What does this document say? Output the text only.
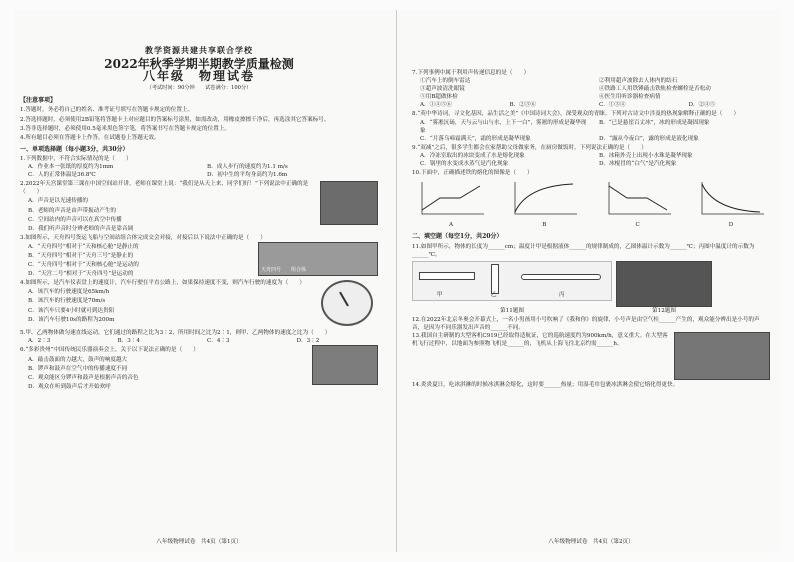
教学资源共建共享联合学校
2022年秋季学期半期教学质量检测
八年级　物理试卷
（考试时间：90分钟　　试卷满分：100分）
【注意事项】
1.答题时，务必将自己的姓名、准考证号填写在答题卡规定的位置上。
2.答选择题时，必须使用2B铅笔将答题卡上对应题目的答案标号涂黑，如需改动，用橡皮擦擦干净后，再选涂其它答案标号。
3.答非选择题时，必须使用0.5毫米黑色签字笔，将答案书写在答题卡规定的位置上。
4.所有题目必须在答题卡上作答，在试题卷上答题无效。
一、单项选择题（每小题3分，共30分）
1.下列数据中，不符合实际情况的是（　　）
A．作业本一张纸的厚度约为1mm	B．成人步行的速度约为1.1 m/s
C．人的正常体温是36.8℃	D．初中生的平均身高约为1.6m
2.2022年天宫课堂第三课在中国空间站开讲，老师在课堂上说：“我们是从天上来，同学们好！”下列说法中正确的是（　　）
A．声音是以光速传播的
B．老师的声音是由声带振动产生的
C．空间站内的声音可以在真空中传播
D．我们听声音时分辨老师的声音是靠音调
3.如图所示，天舟四号货运飞船与空间站组合体完成交会对接，对接后以下说法中正确的是（　　）
A．“天舟四号”相对于“天和核心舱”是静止的
B．“天舟四号”相对于“天舟三号”是静止的
C．“天舟四号”相对于“天和核心舱”是运动的
D．“天宫二号”相对于“天舟四号”是运动的
天舟四号　　组合体
4.如图所示，是汽车仪表盘上的速度计，汽车行驶在平直公路上，如果保持速度不变，则汽车行驶的速度为（　　）
A．该汽车的行驶速度是65km/h
B．该汽车的行驶速度是70m/s
C．该汽车只要4小时就可到达贵阳
D．该汽车行驶10s的路程为200m
5.甲、乙两物体做匀速直线运动，它们通过的路程之比为3∶2，所用时间之比为2∶1，则甲、乙两物体的速度之比为（　　）
A．2∶3	B．3∶4	C．4∶3	D．3∶2
6.“多彩贵州”中国传统民乐器演奏会上，关于以下说法正确的是（　　）
A．敲击鼓面的力越大，鼓声的响度越大
B．锣声和鼓声在空气中的传播速度不同
C．观众能区分锣声和鼓声是根据声音的音色
D．观众在听到鼓声后才开始欢呼
八年级物理试卷　共4页（第1页）
7.下列事例中属于利用声传递信息的是（　　）
①汽车上的倒车雷达	②利用超声波除去人体内的结石
③超声波清洗眼镜	④铁路工人用铁锤敲击铁轨检查螺栓是否松动
⑤用B超做体检	⑥医生用听诊器检查病情
A．①④⑤⑥	B．②③⑥	C．①③④	D．②④⑤
8.“英中华诗词，寻文化基因，品生活之美”《中国诗词大会》，深受观众的青睐。下列对古诗文中涉及的热现象解释正确的是（　　）
A．“雾凇沆砀，天与云与山与水，上下一白”，雾凇的形成是凝华现象
B．“已是悬崖百丈冰”，冰的形成是凝固现象
C．“月落乌啼霜满天”，霜的形成是凝华现象	D．“露从今夜白”，露的形成是液化现象
9.“双减”之后，很多学生都会在家帮助父母做家务，在厨房做饭时，下列说法正确的是（　　）
A．冷冻室取出的冰块变成了水是熔化现象	B．冰箱外壳上出现小水珠是凝华现象
C．锅里的水变成水蒸气是汽化现象	D．冰棍冒的“白气”是汽化现象
10.下面中，正确描述铁的熔化的图像是（　　）
A	B	C	D
二、填空题（每空1分，共20分）
11.如图甲所示，物体的长度为______cm；温度计甲是根据液体______的规律制成的，乙图体温计示数为______℃；丙图中温度计的示数为______℃。
甲	乙	丙
第11题图	第12题图
12.在2022年北京冬奥会开幕式上，一名小男孩用小号吹响了《我和你》的旋律，小号声是由空气柱______产生的，观众能分辨出是小号的声音，是因为不同乐器发出声音的______不同。
13.我国自主研制的大型客机C919已经取得适航证，它的巡航速度约为900km/h，意义重大。在大型客机飞行过程中，以地面为参照物飞机是______的，飞机从上海飞往北京约需______h。
14.炎炎夏日，吃冰淇淋的时候冰淇淋会熔化，这时要______热量；用湿毛巾包裹冰淇淋会使它熔化得更快。
八年级物理试卷　共4页（第2页）
